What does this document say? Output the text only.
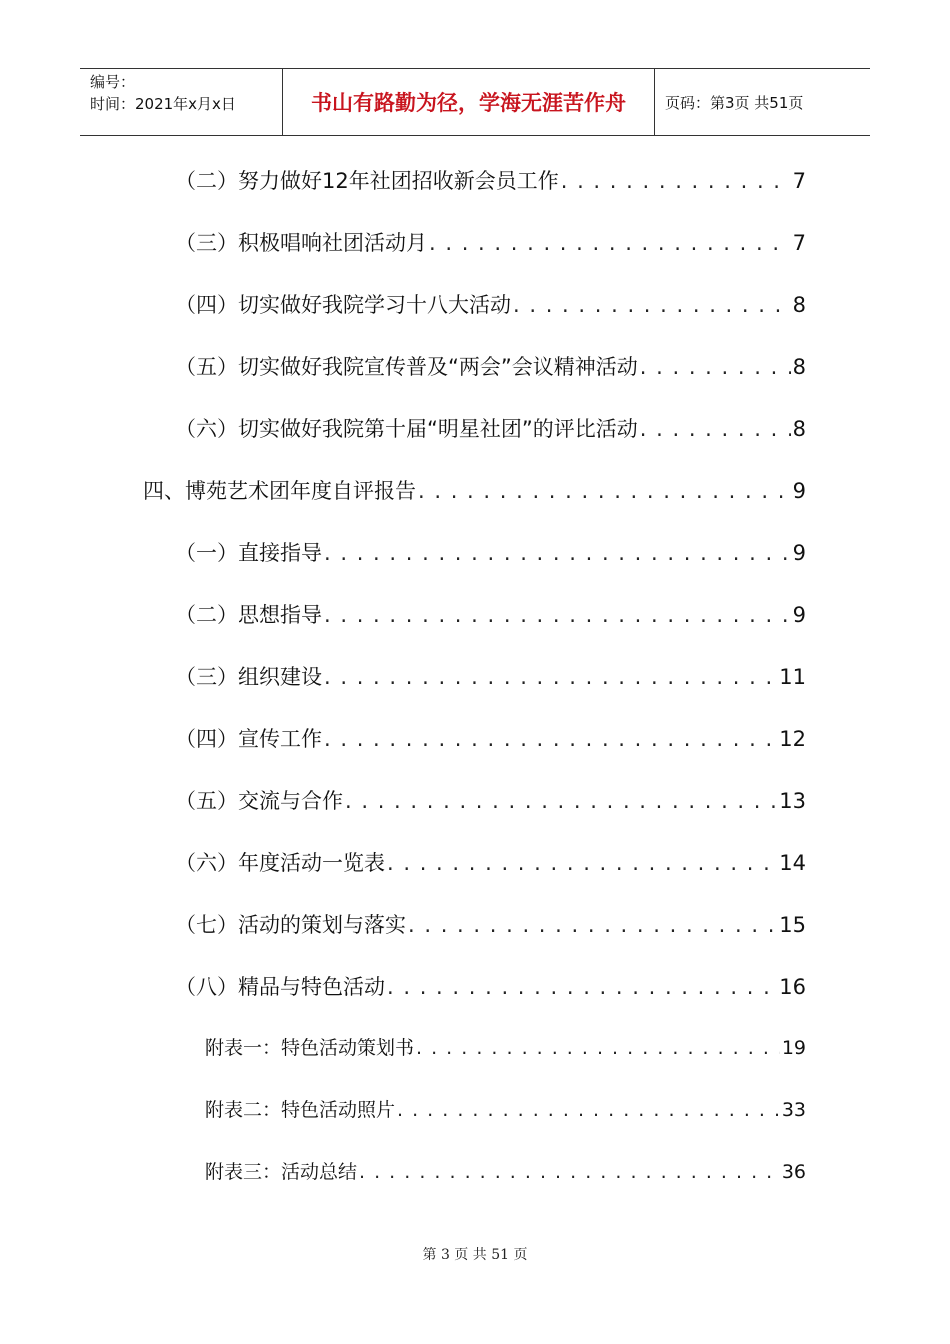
编号：
时间：2021年x月x日	书山有路勤为径，学海无涯苦作舟	页码：第3页 共51页
（二）努力做好12年社团招收新会员工作 . . .	7
（三）积极唱响社团活动月 . . .	7
（四）切实做好我院学习十八大活动 . . .	8
（五）切实做好我院宣传普及“两会”会议精神活动 . . .	8
（六）切实做好我院第十届“明星社团”的评比活动 . . .	8
四、博苑艺术团年度自评报告 . . .	9
（一）直接指导 . . .	9
（二）思想指导 . . .	9
（三）组织建设 . . .	11
（四）宣传工作 . . .	12
（五）交流与合作 . . .	13
（六）年度活动一览表 . . .	14
（七）活动的策划与落实 . . .	15
（八）精品与特色活动 . . .	16
附表一：特色活动策划书 . . .	19
附表二：特色活动照片 . . .	33
附表三：活动总结 . . .	36
第 3 页 共 51 页
